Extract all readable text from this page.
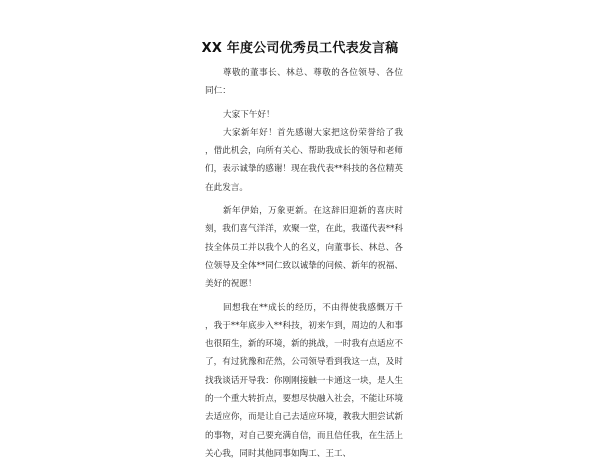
XX 年度公司优秀员工代表发言稿

尊敬的董事长、林总、尊敬的各位领导、各位同仁：

大家下午好！

大家新年好！首先感谢大家把这份荣誉给了我，借此机会，向所有关心、帮助我成长的领导和老师们，表示诚挚的感谢！现在我代表**科技的各位精英在此发言。

新年伊始，万象更新。在这辞旧迎新的喜庆时刻，我们喜气洋洋，欢聚一堂，在此，我谨代表**科技全体员工并以我个人的名义，向董事长、林总、各位领导及全体**同仁致以诚挚的问候、新年的祝福、美好的祝愿！

回想我在**成长的经历，不由得使我感慨万千，我于**年底步入**科技，初来乍到，周边的人和事也很陌生，新的环境，新的挑战，一时我有点适应不了，有过犹豫和茫然，公司领导看到我这一点，及时找我谈话开导我：你刚刚接触一卡通这一块，是人生的一个重大转折点，要想尽快融入社会，不能让环境去适应你，而是让自己去适应环境，教我大胆尝试新的事物，对自己要充满自信，而且信任我，在生活上关心我，同时其他同事如陶工、王工、
